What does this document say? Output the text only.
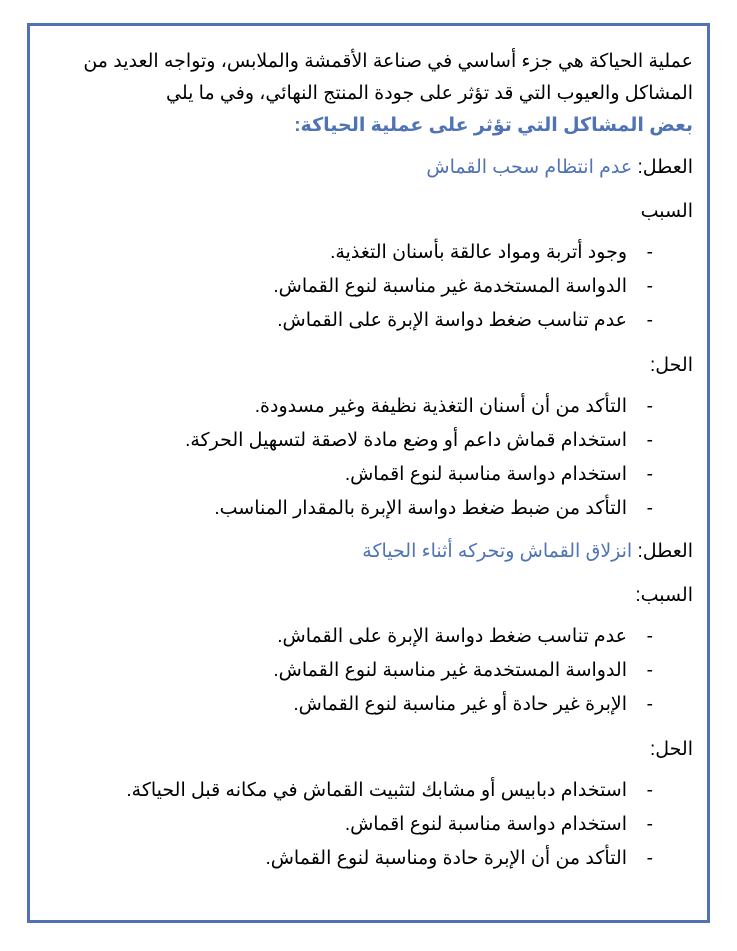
عملية الحياكة هي جزء أساسي في صناعة الأقمشة والملابس، وتواجه العديد من المشاكل والعيوب التي قد تؤثر على جودة المنتج النهائي، وفي ما يلي

بعض المشاكل التي تؤثر على عملية الحياكة:

العطل: عدم انتظام سحب القماش
السبب
-
وجود أتربة ومواد عالقة بأسنان التغذية.
-
الدواسة المستخدمة غير مناسبة لنوع القماش.
-
عدم تناسب ضغط دواسة الإبرة على القماش.
الحل:
-
التأكد من أن أسنان التغذية نظيفة وغير مسدودة.
-
استخدام قماش داعم أو وضع مادة لاصقة لتسهيل الحركة.
-
استخدام دواسة مناسبة لنوع اقماش.
-
التأكد من ضبط ضغط دواسة الإبرة بالمقدار المناسب.
العطل: انزلاق القماش وتحركه أثناء الحياكة
السبب:
-
عدم تناسب ضغط دواسة الإبرة على القماش.
-
الدواسة المستخدمة غير مناسبة لنوع القماش.
-
الإبرة غير حادة أو غير مناسبة لنوع القماش.
الحل:
-
استخدام دبابيس أو مشابك لتثبيت القماش في مكانه قبل الحياكة.
-
استخدام دواسة مناسبة لنوع اقماش.
-
التأكد من أن الإبرة حادة ومناسبة لنوع القماش.
